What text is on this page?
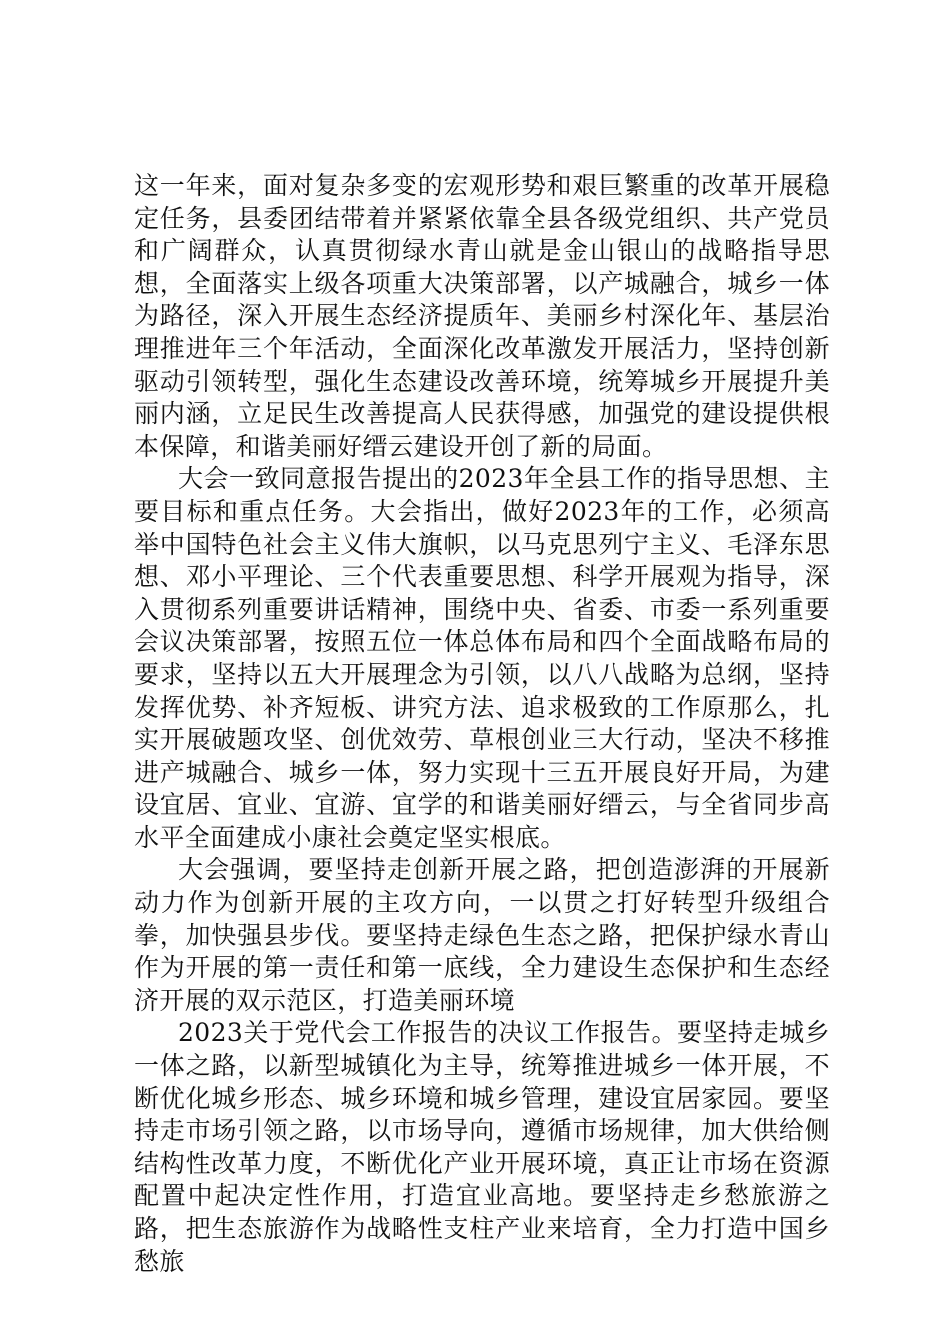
这一年来，面对复杂多变的宏观形势和艰巨繁重的改革开展稳定任务，县委团结带着并紧紧依靠全县各级党组织、共产党员和广阔群众，认真贯彻绿水青山就是金山银山的战略指导思想，全面落实上级各项重大决策部署，以产城融合，城乡一体为路径，深入开展生态经济提质年、美丽乡村深化年、基层治理推进年三个年活动，全面深化改革激发开展活力，坚持创新驱动引领转型，强化生态建设改善环境，统筹城乡开展提升美丽内涵，立足民生改善提高人民获得感，加强党的建设提供根本保障，和谐美丽好缙云建设开创了新的局面。

大会一致同意报告提出的2023年全县工作的指导思想、主要目标和重点任务。大会指出，做好2023年的工作，必须高举中国特色社会主义伟大旗帜，以马克思列宁主义、毛泽东思想、邓小平理论、三个代表重要思想、科学开展观为指导，深入贯彻系列重要讲话精神，围绕中央、省委、市委一系列重要会议决策部署，按照五位一体总体布局和四个全面战略布局的要求，坚持以五大开展理念为引领，以八八战略为总纲，坚持发挥优势、补齐短板、讲究方法、追求极致的工作原那么，扎实开展破题攻坚、创优效劳、草根创业三大行动，坚决不移推进产城融合、城乡一体，努力实现十三五开展良好开局，为建设宜居、宜业、宜游、宜学的和谐美丽好缙云，与全省同步高水平全面建成小康社会奠定坚实根底。

大会强调，要坚持走创新开展之路，把创造澎湃的开展新动力作为创新开展的主攻方向，一以贯之打好转型升级组合拳，加快强县步伐。要坚持走绿色生态之路，把保护绿水青山作为开展的第一责任和第一底线，全力建设生态保护和生态经济开展的双示范区，打造美丽环境

2023关于党代会工作报告的决议工作报告。要坚持走城乡一体之路，以新型城镇化为主导，统筹推进城乡一体开展，不断优化城乡形态、城乡环境和城乡管理，建设宜居家园。要坚持走市场引领之路，以市场导向，遵循市场规律，加大供给侧结构性改革力度，不断优化产业开展环境，真正让市场在资源配置中起决定性作用，打造宜业高地。要坚持走乡愁旅游之路，把生态旅游作为战略性支柱产业来培育，全力打造中国乡愁旅
